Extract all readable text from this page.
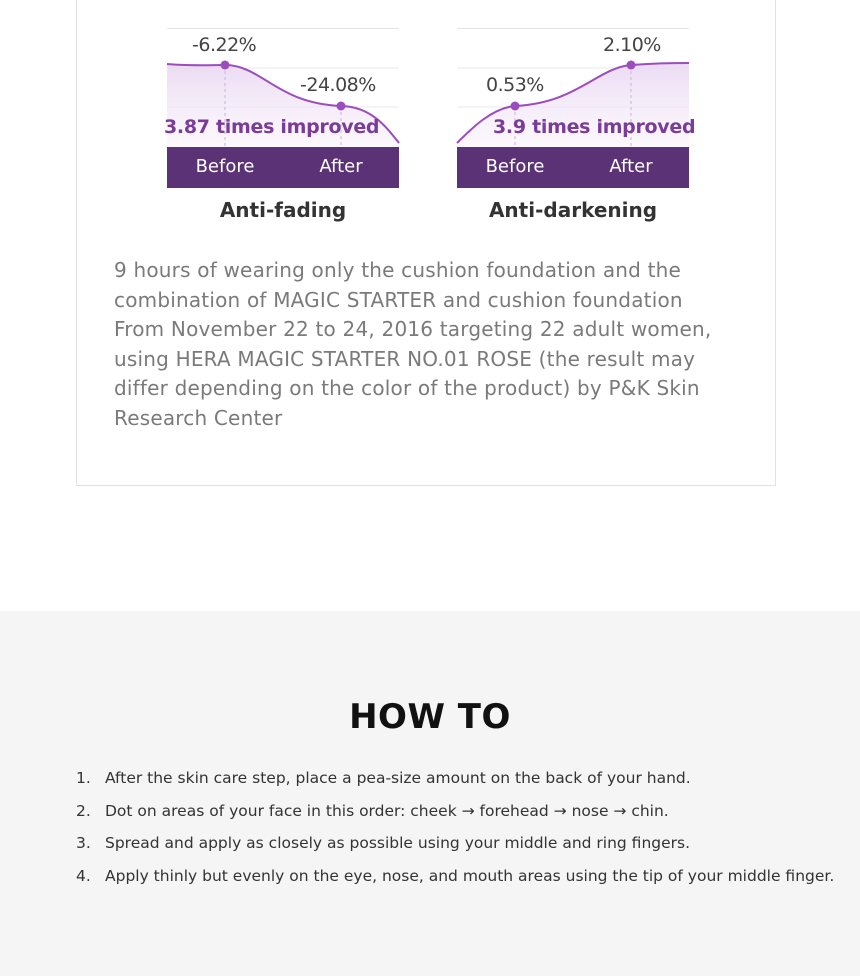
-6.22%
-24.08%
3.87 times improved
Before	After
Anti-fading
0.53%
2.10%
3.9 times improved
Before	After
Anti-darkening
9 hours of wearing only the cushion foundation and the combination of MAGIC STARTER and cushion foundation From November 22 to 24, 2016 targeting 22 adult women, using HERA MAGIC STARTER NO.01 ROSE (the result may differ depending on the color of the product) by P&K Skin Research Center
HOW TO
1. After the skin care step, place a pea-size amount on the back of your hand.
2. Dot on areas of your face in this order: cheek → forehead → nose → chin.
3. Spread and apply as closely as possible using your middle and ring fingers.
4. Apply thinly but evenly on the eye, nose, and mouth areas using the tip of your middle finger.
